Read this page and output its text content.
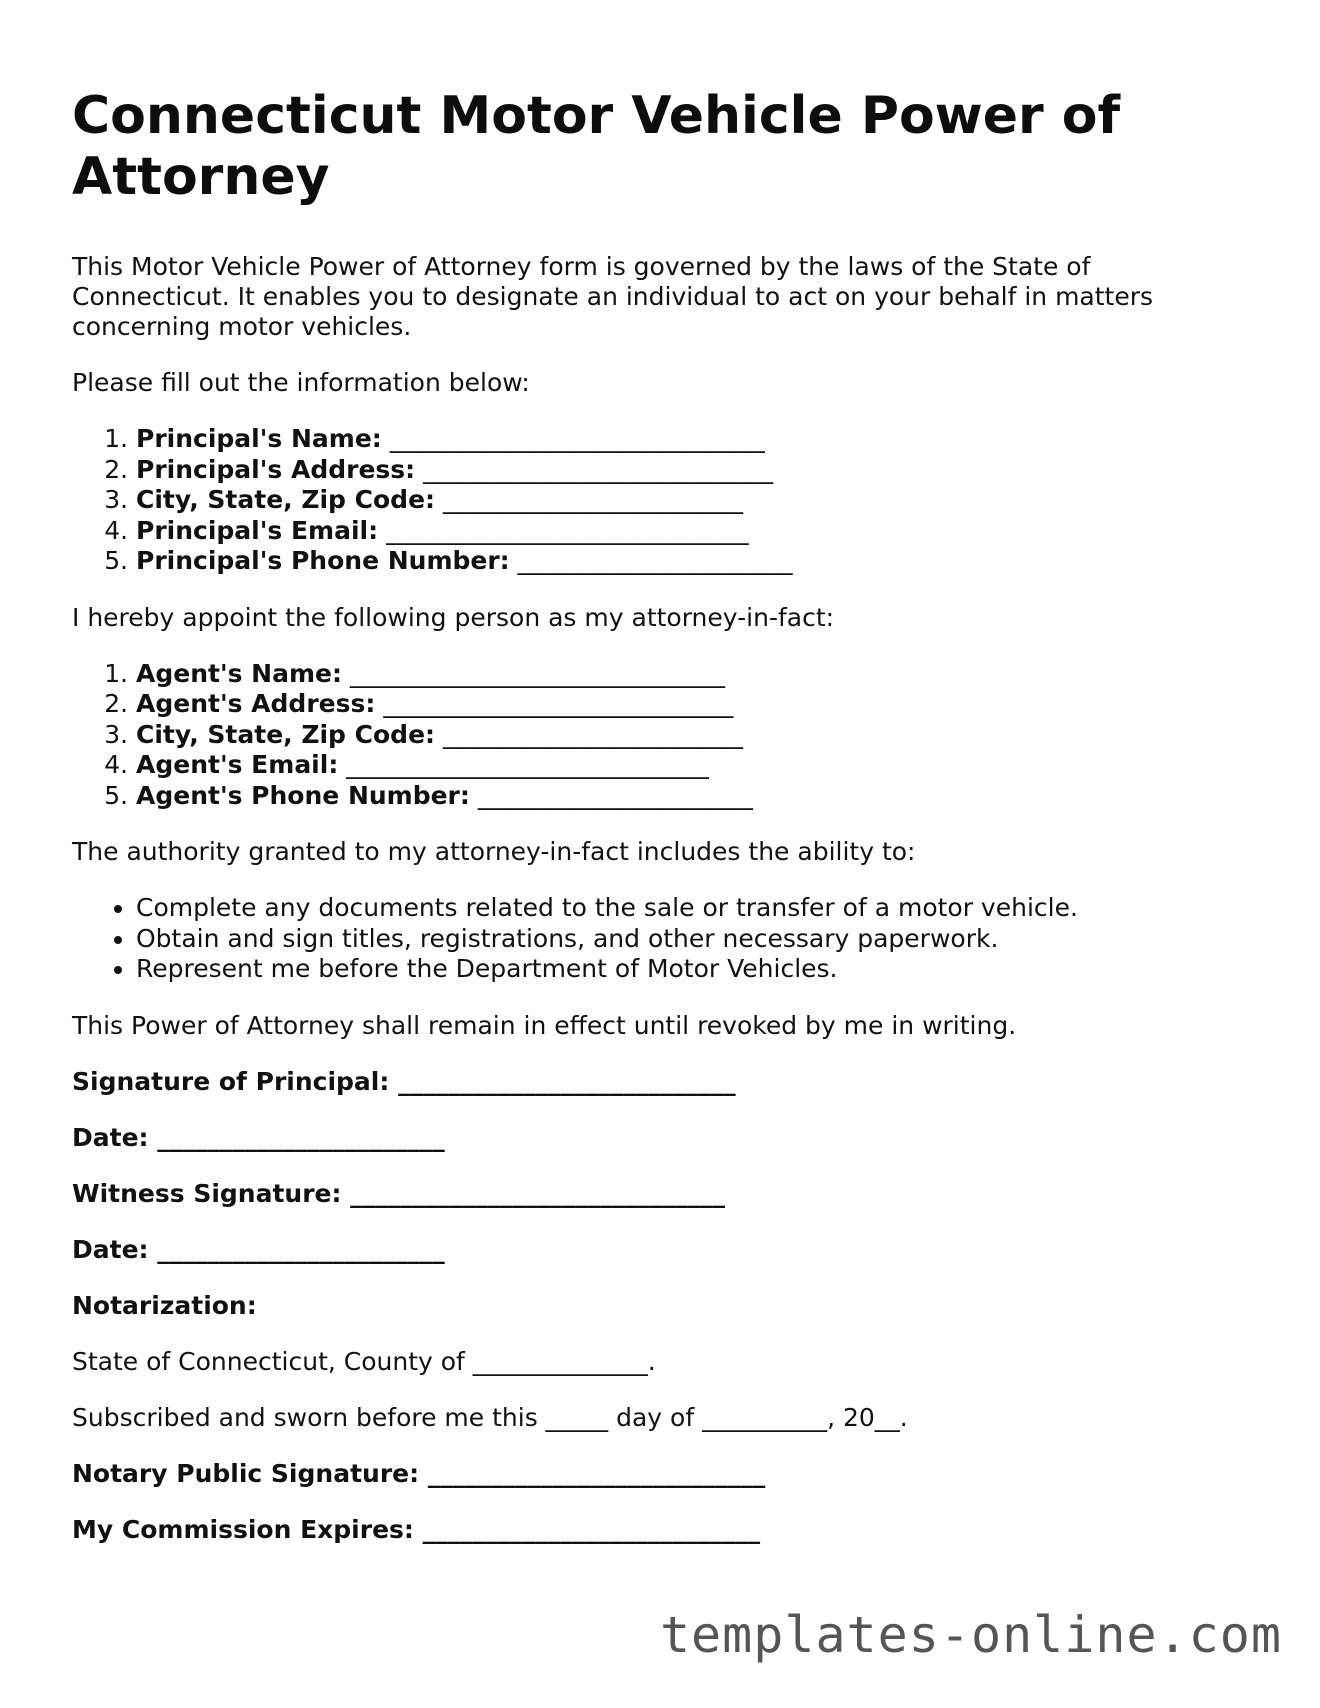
Connecticut Motor Vehicle Power of Attorney

This Motor Vehicle Power of Attorney form is governed by the laws of the State of Connecticut. It enables you to designate an individual to act on your behalf in matters concerning motor vehicles.

Please fill out the information below:

1. Principal's Name: ______________________________
2. Principal's Address: ____________________________
3. City, State, Zip Code: ________________________
4. Principal's Email: _____________________________
5. Principal's Phone Number: ______________________

I hereby appoint the following person as my attorney-in-fact:

1. Agent's Name: ______________________________
2. Agent's Address: ____________________________
3. City, State, Zip Code: ________________________
4. Agent's Email: _____________________________
5. Agent's Phone Number: ______________________

The authority granted to my attorney-in-fact includes the ability to:

• Complete any documents related to the sale or transfer of a motor vehicle.
• Obtain and sign titles, registrations, and other necessary paperwork.
• Represent me before the Department of Motor Vehicles.

This Power of Attorney shall remain in effect until revoked by me in writing.

Signature of Principal: ___________________________

Date: _______________________

Witness Signature: ______________________________

Date: _______________________

Notarization:

State of Connecticut, County of ______________.

Subscribed and sworn before me this _____ day of __________, 20__.

Notary Public Signature: ___________________________

My Commission Expires: ___________________________

templates-online.com
